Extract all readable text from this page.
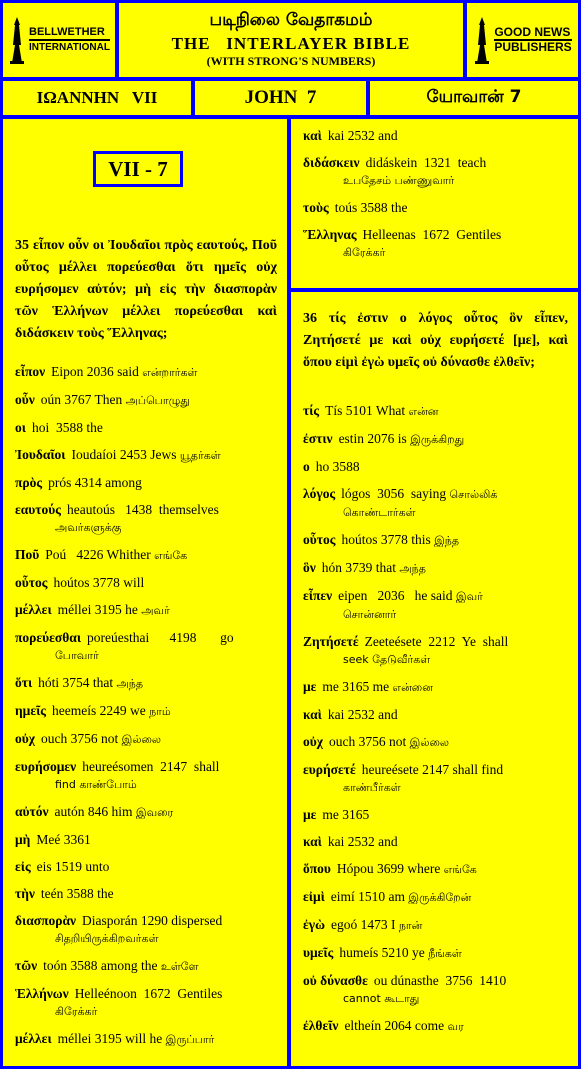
BELLWETHER
INTERNATIONAL
படிநிலை வேதாகமம்
THE   INTERLAYER BIBLE
(WITH STRONG'S NUMBERS)
GOOD NEWS
PUBLISHERS
ΙΩΑΝΝΗΝ   VII	JOHN  7	யோவான் 7
VII - 7
35 εἶπον οὖν οι Ἰουδαῖοι πρὸς εαυτούς, Ποῦ οὗτος μέλλει πορεύεσθαι ὅτι ημεῖς οὐχ ευρήσομεν αὐτόν; μὴ εἰς τὴν διασπορὰν τῶν Ἑλλήνων μέλλει πορεύεσθαι καὶ διδάσκειν τοὺς Ἕλληνας;
εἶπον Eipon 2036 said என்றார்கள்
οὖν oún 3767 Then அப்பொழுது
οι hoi  3588 the
Ἰουδαῖοι Ioudaíoi 2453 Jews யூதர்கள்
πρὸς prós 4314 among
εαυτούς heautoús   1438  themselves
அவர்களுக்கு
Ποῦ Poú   4226 Whither எங்கே
οὗτος hoútos 3778 will
μέλλει méllei 3195 he அவர்
πορεύεσθαι poreúesthai      4198       go
போவார்
ὅτι hóti 3754 that அந்த
ημεῖς heemeís 2249 we நாம்
οὐχ ouch 3756 not இல்லை
ευρήσομεν heureésomen  2147  shall
find காண்போம்
αὐτόν autón 846 him இவரை
μὴ Meé 3361
εἰς eis 1519 unto
τὴν teén 3588 the
διασπορὰν Diasporán 1290 dispersed
சிதறியிருக்கிறவர்கள்
τῶν toón 3588 among the உள்ளே
Ἑλλήνων Helleénoon  1672  Gentiles
கிரேக்கர்
μέλλει méllei 3195 will he இருப்பார்
καὶ kai 2532 and
διδάσκειν didáskein  1321  teach
உபதேசம் பண்ணுவார்
τοὺς toús 3588 the
Ἕλληνας Helleenas  1672  Gentiles
கிரேக்கர்
36 τίς ἐστιν ο λόγος οὗτος ὃν εἶπεν, Ζητήσετέ με καὶ οὐχ ευρήσετέ [με], καὶ ὅπου εἰμὶ ἐγὼ υμεῖς οὐ δύνασθε ἐλθεῖν;
τίς Tís 5101 What என்ன
ἐστιν estin 2076 is இருக்கிறது
ο ho 3588
λόγος lógos  3056  saying சொல்லிக்
கொண்டார்கள்
οὗτος hoútos 3778 this இந்த
ὃν hón 3739 that அந்த
εἶπεν eipen   2036   he said இவர்
சொன்னார்
Ζητήσετέ Zeeteésete  2212  Ye  shall
seek தேடுவீர்கள்
με me 3165 me என்னை
καὶ kai 2532 and
οὐχ ouch 3756 not இல்லை
ευρήσετέ heureésete 2147 shall find
காண்பீர்கள்
με me 3165
καὶ kai 2532 and
ὅπου Hópou 3699 where எங்கே
εἰμὶ eimí 1510 am இருக்கிறேன்
ἐγὼ egoó 1473 I நான்
υμεῖς humeís 5210 ye நீங்கள்
οὐ δύνασθε ou dúnasthe  3756  1410
cannot கூடாது
ἐλθεῖν eltheín 2064 come வர
